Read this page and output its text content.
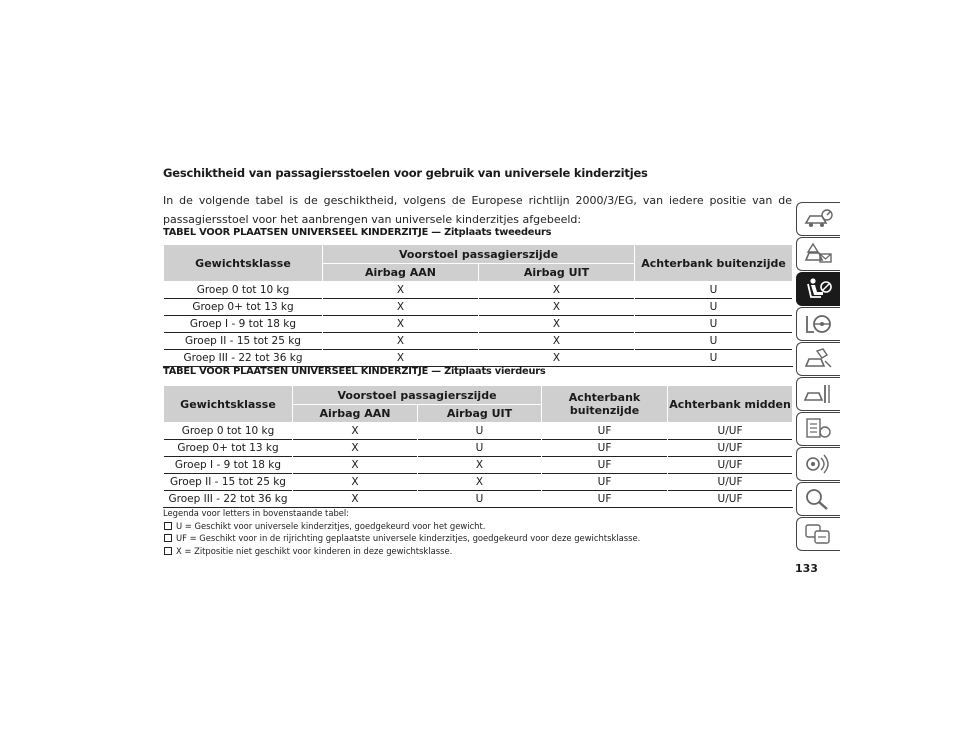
Geschiktheid van passagiersstoelen voor gebruik van universele kinderzitjes
In de volgende tabel is de geschiktheid, volgens de Europese richtlijn 2000/3/EG, van iedere positie van de passagiersstoel voor het aanbrengen van universele kinderzitjes afgebeeld:
TABEL VOOR PLAATSEN UNIVERSEEL KINDERZITJE — Zitplaats tweedeurs
Gewichtsklasse	Voorstoel passagierszijde		Achterbank buitenzijde
	Airbag AAN	Airbag UIT	
Groep 0 tot 10 kg	X	X	U
Groep 0+ tot 13 kg	X	X	U
Groep I - 9 tot 18 kg	X	X	U
Groep II - 15 tot 25 kg	X	X	U
Groep III - 22 tot 36 kg	X	X	U
TABEL VOOR PLAATSEN UNIVERSEEL KINDERZITJE — Zitplaats vierdeurs
Gewichtsklasse	Voorstoel passagierszijde		Achterbank buitenzijde	Achterbank midden
	Airbag AAN	Airbag UIT		
Groep 0 tot 10 kg	X	U	UF	U/UF
Groep 0+ tot 13 kg	X	U	UF	U/UF
Groep I - 9 tot 18 kg	X	X	UF	U/UF
Groep II - 15 tot 25 kg	X	X	UF	U/UF
Groep III - 22 tot 36 kg	X	U	UF	U/UF
Legenda voor letters in bovenstaande tabel:
U = Geschikt voor universele kinderzitjes, goedgekeurd voor het gewicht.
UF = Geschikt voor in de rijrichting geplaatste universele kinderzitjes, goedgekeurd voor deze gewichtsklasse.
X = Zitpositie niet geschikt voor kinderen in deze gewichtsklasse.
133
